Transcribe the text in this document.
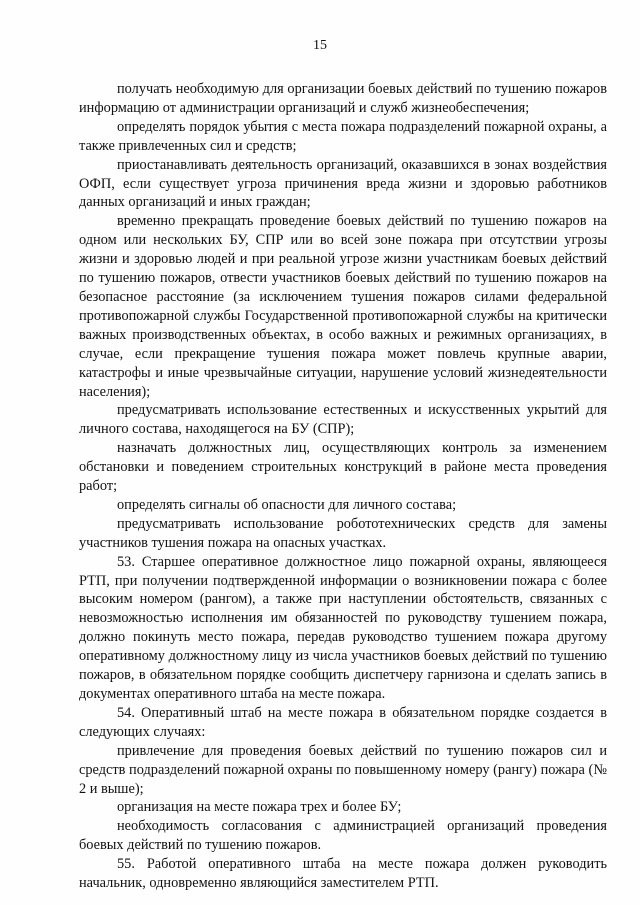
15

получать необходимую для организации боевых действий по тушению пожаров информацию от администрации организаций и служб жизнеобеспечения;

определять порядок убытия с места пожара подразделений пожарной охраны, а также привлеченных сил и средств;

приостанавливать деятельность организаций, оказавшихся в зонах воздействия ОФП, если существует угроза причинения вреда жизни и здоровью работников данных организаций и иных граждан;

временно прекращать проведение боевых действий по тушению пожаров на одном или нескольких БУ, СПР или во всей зоне пожара при отсутствии угрозы жизни и здоровью людей и при реальной угрозе жизни участникам боевых действий по тушению пожаров, отвести участников боевых действий по тушению пожаров на безопасное расстояние (за исключением тушения пожаров силами федеральной противопожарной службы Государственной противопожарной службы на критически важных производственных объектах, в особо важных и режимных организациях, в случае, если прекращение тушения пожара может повлечь крупные аварии, катастрофы и иные чрезвычайные ситуации, нарушение условий жизнедеятельности населения);

предусматривать использование естественных и искусственных укрытий для личного состава, находящегося на БУ (СПР);

назначать должностных лиц, осуществляющих контроль за изменением обстановки и поведением строительных конструкций в районе места проведения работ;

определять сигналы об опасности для личного состава;

предусматривать использование робототехнических средств для замены участников тушения пожара на опасных участках.

53. Старшее оперативное должностное лицо пожарной охраны, являющееся РТП, при получении подтвержденной информации о возникновении пожара с более высоким номером (рангом), а также при наступлении обстоятельств, связанных с невозможностью исполнения им обязанностей по руководству тушением пожара, должно покинуть место пожара, передав руководство тушением пожара другому оперативному должностному лицу из числа участников боевых действий по тушению пожаров, в обязательном порядке сообщить диспетчеру гарнизона и сделать запись в документах оперативного штаба на месте пожара.

54. Оперативный штаб на месте пожара в обязательном порядке создается в следующих случаях:

привлечение для проведения боевых действий по тушению пожаров сил и средств подразделений пожарной охраны по повышенному номеру (рангу) пожара (№ 2 и выше);

организация на месте пожара трех и более БУ;

необходимость согласования с администрацией организаций проведения боевых действий по тушению пожаров.

55. Работой оперативного штаба на месте пожара должен руководить начальник, одновременно являющийся заместителем РТП.
